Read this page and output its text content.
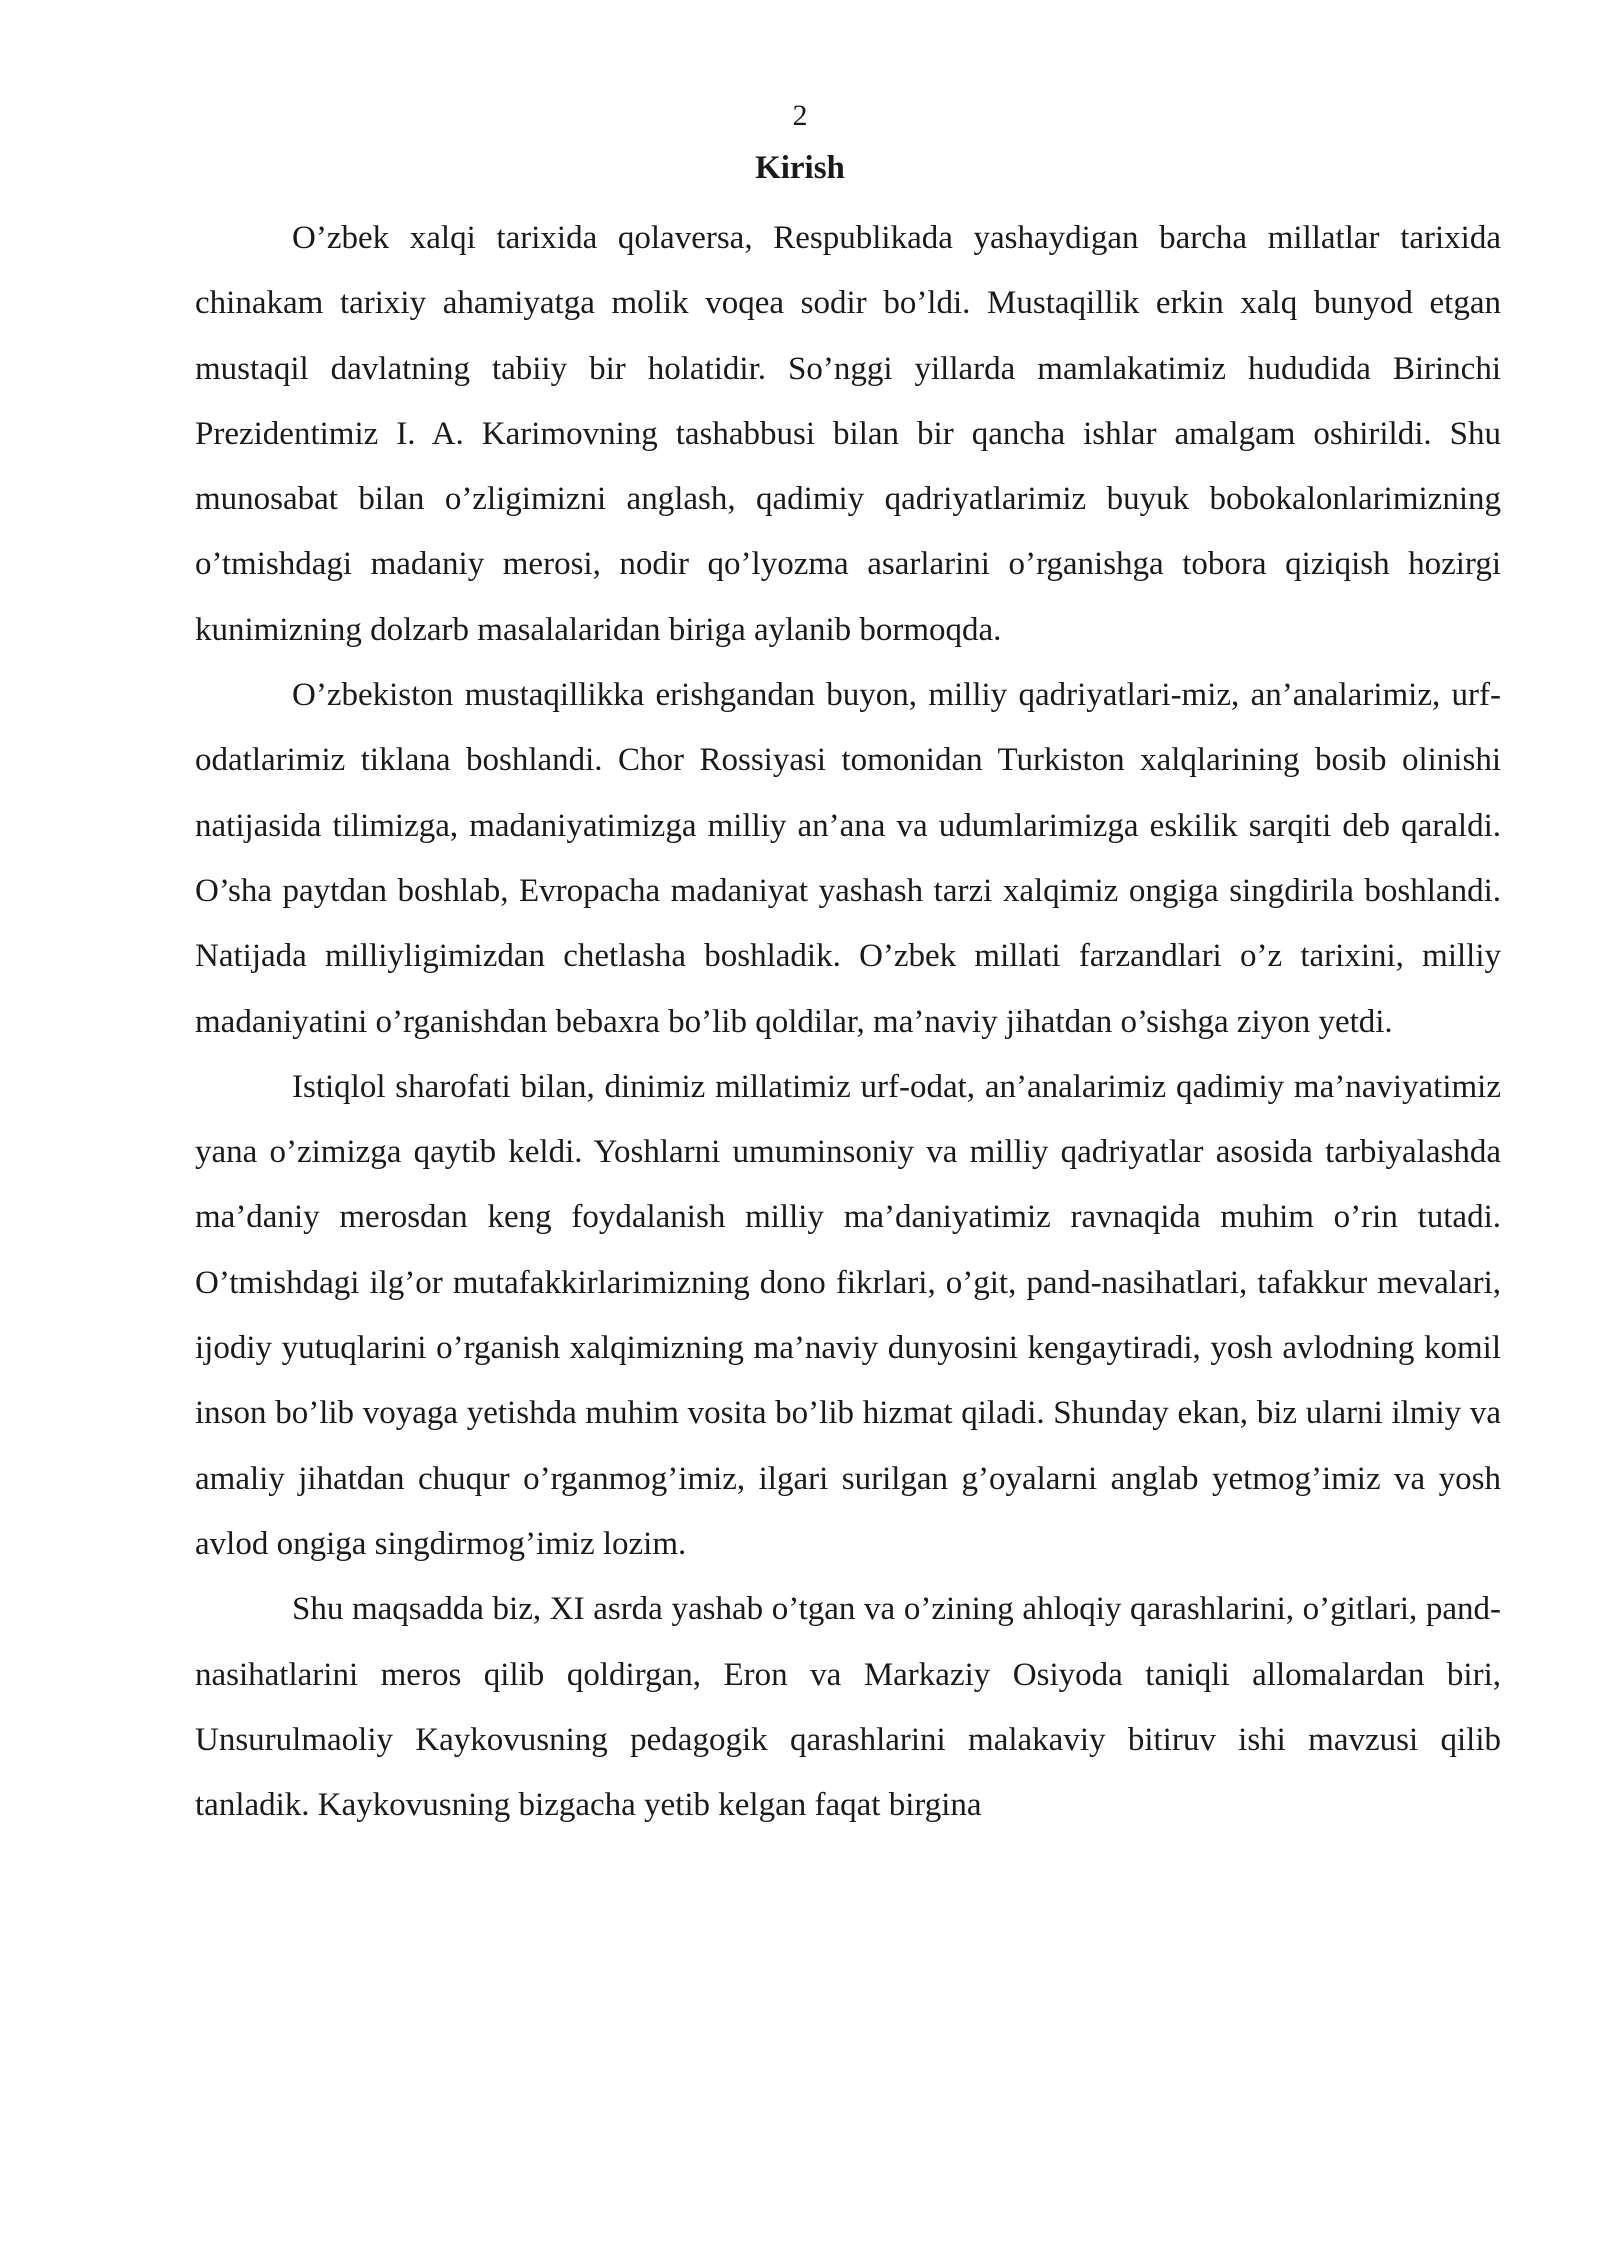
2
Kirish

O’zbek xalqi tarixida qolaversa, Respublikada yashaydigan barcha millatlar tarixida chinakam tarixiy ahamiyatga molik voqea sodir bo’ldi. Mustaqillik erkin xalq bunyod etgan mustaqil davlatning tabiiy bir holatidir. So’nggi yillarda mamlakatimiz hududida Birinchi Prezidentimiz I. A. Karimovning tashabbusi bilan bir qancha ishlar amalgam oshirildi. Shu munosabat bilan o’zligimizni anglash, qadimiy qadriyatlarimiz buyuk bobokalonlarimizning o’tmishdagi madaniy merosi, nodir qo’lyozma asarlarini o’rganishga tobora qiziqish hozirgi kunimizning dolzarb masalalaridan biriga aylanib bormoqda.

O’zbekiston mustaqillikka erishgandan buyon, milliy qadriyatlari-miz, an’analarimiz, urf-odatlarimiz tiklana boshlandi. Chor Rossiyasi tomonidan Turkiston xalqlarining bosib olinishi natijasida tilimizga, madaniyatimizga milliy an’ana va udumlarimizga eskilik sarqiti deb qaraldi. O’sha paytdan boshlab, Evropacha madaniyat yashash tarzi xalqimiz ongiga singdirila boshlandi. Natijada milliyligimizdan chetlasha boshladik. O’zbek millati farzandlari o’z tarixini, milliy madaniyatini o’rganishdan bebaxra bo’lib qoldilar, ma’naviy jihatdan o’sishga ziyon yetdi.

Istiqlol sharofati bilan, dinimiz millatimiz urf-odat, an’analarimiz qadimiy ma’naviyatimiz yana o’zimizga qaytib keldi. Yoshlarni umuminsoniy va milliy qadriyatlar asosida tarbiyalashda ma’daniy merosdan keng foydalanish milliy ma’daniyatimiz ravnaqida muhim o’rin tutadi. O’tmishdagi ilg’or mutafakkirlarimizning dono fikrlari, o’git, pand-nasihatlari, tafakkur mevalari, ijodiy yutuqlarini o’rganish xalqimizning ma’naviy dunyosini kengaytiradi, yosh avlodning komil inson bo’lib voyaga yetishda muhim vosita bo’lib hizmat qiladi. Shunday ekan, biz ularni ilmiy va amaliy jihatdan chuqur o’rganmog’imiz, ilgari surilgan g’oyalarni anglab yetmog’imiz va yosh avlod ongiga singdirmog’imiz lozim.

Shu maqsadda biz, XI asrda yashab o’tgan va o’zining ahloqiy qarashlarini, o’gitlari, pand-nasihatlarini meros qilib qoldirgan, Eron va Markaziy Osiyoda taniqli allomalardan biri, Unsurulmaoliy Kaykovusning pedagogik qarashlarini malakaviy bitiruv ishi mavzusi qilib tanladik. Kaykovusning bizgacha yetib kelgan faqat birgina
